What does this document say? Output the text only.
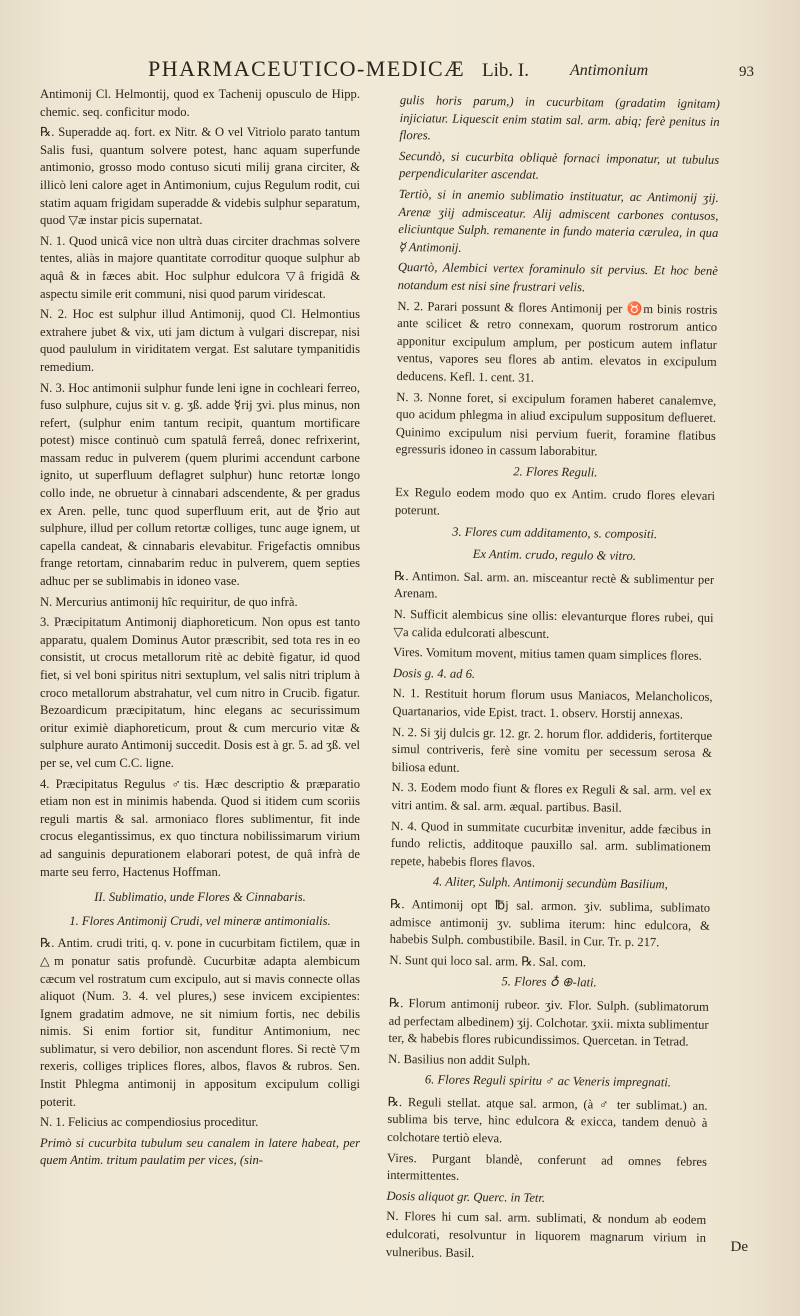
PHARMACEUTICO-MEDICÆ Lib. I.	Antimonium	93

Antimonij Cl. Helmontij, quod ex Tachenij opusculo de Hipp. chemic. seq. conficitur modo.

℞. Superadde aq. fort. ex Nitr. & O vel Vitriolo parato tantum Salis fusi, quantum solvere potest, hanc aquam superfunde antimonio, grosso modo contuso sicuti milij grana circiter, & illicò leni calore aget in Antimonium, cujus Regulum rodit, cui statim aquam frigidam superadde & videbis sulphur separatum, quod ▽æ instar picis supernatat.

N. 1. Quod unicâ vice non ultrà duas circiter drachmas solvere tentes, aliàs in majore quantitate corroditur quoque sulphur ab aquâ & in fæces abit. Hoc sulphur edulcora ▽â frigidâ & aspectu simile erit communi, nisi quod parum viridescat.

N. 2. Hoc est sulphur illud Antimonij, quod Cl. Helmontius extrahere jubet & vix, uti jam dictum à vulgari discrepar, nisi quod paululum in viriditatem vergat. Est salutare tympanitidis remedium.

N. 3. Hoc antimonii sulphur funde leni igne in cochleari ferreo, fuso sulphure, cujus sit v. g. ʒß. adde ☿rij ʒvi. plus minus, non refert, (sulphur enim tantum recipit, quantum mortificare potest) misce continuò cum spatulâ ferreâ, donec refrixerint, massam reduc in pulverem (quem plurimi accendunt carbone ignito, ut superfluum deflagret sulphur) hunc retortæ longo collo inde, ne obruetur à cinnabari adscendente, & per gradus ex Aren. pelle, tunc quod superfluum erit, aut de ☿rio aut sulphure, illud per collum retortæ colliges, tunc auge ignem, ut capella candeat, & cinnabaris elevabitur. Frigefactis omnibus frange retortam, cinnabarim reduc in pulverem, quem septies adhuc per se sublimabis in idoneo vase.

N. Mercurius antimonij hîc requiritur, de quo infrà.

3. Præcipitatum Antimonij diaphoreticum. Non opus est tanto apparatu, qualem Dominus Autor præscribit, sed tota res in eo consistit, ut crocus metallorum ritè ac debitè figatur, id quod fiet, si vel boni spiritus nitri sextuplum, vel salis nitri triplum à croco metallorum abstrahatur, vel cum nitro in Crucib. figatur. Bezoardicum præcipitatum, hinc elegans ac securissimum oritur eximiè diaphoreticum, prout & cum mercurio vitæ & sulphure aurato Antimonij succedit. Dosis est à gr. 5. ad ʒß. vel per se, vel cum C.C. ligne.

4. Præcipitatus Regulus ♂tis. Hæc descriptio & præparatio etiam non est in minimis habenda. Quod si itidem cum scoriis reguli martis & sal. armoniaco flores sublimentur, fit inde crocus elegantissimus, ex quo tinctura nobilissimarum virium ad sanguinis depurationem elaborari potest, de quâ infrà de marte seu ferro, Hactenus Hoffman.

II. Sublimatio, unde Flores & Cinnabaris.

1. Flores Antimonij Crudi, vel mineræ antimonialis.

℞. Antim. crudi triti, q. v. pone in cucurbitam fictilem, quæ in △m ponatur satis profundè. Cucurbitæ adapta alembicum cæcum vel rostratum cum excipulo, aut si mavis connecte ollas aliquot (Num. 3. 4. vel plures,) sese invicem excipientes: Ignem gradatim admove, ne sit nimium fortis, nec debilis nimis. Si enim fortior sit, funditur Antimonium, nec sublimatur, si vero debilior, non ascendunt flores. Si rectè ▽m rexeris, colliges triplices flores, albos, flavos & rubros. Sen. Instit Phlegma antimonij in appositum excipulum colligi poterit.

N. 1. Felicius ac compendiosius proceditur.

Primò si cucurbita tubulum seu canalem in latere habeat, per quem Antim. tritum paulatim per vices, (sin-

gulis horis parum,) in cucurbitam (gradatim ignitam) injiciatur. Liquescit enim statim sal. arm. abiq; ferè penitus in flores.

Secundò, si cucurbita obliquè fornaci imponatur, ut tubulus perpendiculariter ascendat.

Tertiò, si in anemio sublimatio instituatur, ac Antimonij ʒij. Arenæ ʒiij admisceatur. Alij admiscent carbones contusos, eliciuntque Sulph. remanente in fundo materia cærulea, in qua ☿ Antimonij.

Quartò, Alembici vertex foraminulo sit pervius. Et hoc benè notandum est nisi sine frustrari velis.

N. 2. Parari possunt & flores Antimonij per ♉m binis rostris ante scilicet & retro connexam, quorum rostrorum antico apponitur excipulum amplum, per posticum autem inflatur ventus, vapores seu flores ab antim. elevatos in excipulum deducens. Kefl. 1. cent. 31.

N. 3. Nonne foret, si excipulum foramen haberet canalemve, quo acidum phlegma in aliud excipulum suppositum deflueret. Quinimo excipulum nisi pervium fuerit, foramine flatibus egressuris idoneo in cassum laborabitur.

2. Flores Reguli.

Ex Regulo eodem modo quo ex Antim. crudo flores elevari poterunt.

3. Flores cum additamento, s. compositi.

Ex Antim. crudo, regulo & vitro.

℞. Antimon. Sal. arm. an. misceantur rectè & sublimentur per Arenam.

N. Sufficit alembicus sine ollis: elevanturque flores rubei, qui ▽a calida edulcorati albescunt.

Vires. Vomitum movent, mitius tamen quam simplices flores.

Dosis g. 4. ad 6.

N. 1. Restituit horum florum usus Maniacos, Melancholicos, Quartanarios, vide Epist. tract. 1. observ. Horstij annexas.

N. 2. Si ʒij dulcis gr. 12. gr. 2. horum flor. addideris, fortiterque simul contriveris, ferè sine vomitu per secessum serosa & biliosa edunt.

N. 3. Eodem modo fiunt & flores ex Reguli & sal. arm. vel ex vitri antim. & sal. arm. æqual. partibus. Basil.

N. 4. Quod in summitate cucurbitæ invenitur, adde fæcibus in fundo relictis, additoque pauxillo sal. arm. sublimationem repete, habebis flores flavos.

4. Aliter, Sulph. Antimonij secundùm Basilium,

℞. Antimonij opt ℔j sal. armon. ʒiv. sublima, sublimato admisce antimonij ʒv. sublima iterum: hinc edulcora, & habebis Sulph. combustibile. Basil. in Cur. Tr. p. 217.

N. Sunt qui loco sal. arm. ℞. Sal. com.

5. Flores ♁ ⊕-lati.

℞. Florum antimonij rubeor. ʒiv. Flor. Sulph. (sublimatorum ad perfectam albedinem) ʒij. Colchotar. ʒxii. mixta sublimentur ter, & habebis flores rubicundissimos. Quercetan. in Tetrad.

N. Basilius non addit Sulph.

6. Flores Reguli spiritu ♂ ac Veneris impregnati.

℞. Reguli stellat. atque sal. armon, (à ♂ ter sublimat.) an. sublima bis terve, hinc edulcora & exicca, tandem denuò à colchotare tertiò eleva.

Vires. Purgant blandè, conferunt ad omnes febres intermittentes.

Dosis aliquot gr. Querc. in Tetr.

N. Flores hi cum sal. arm. sublimati, & nondum ab eodem edulcorati, resolvuntur in liquorem magnarum virium in vulneribus. Basil.	De
